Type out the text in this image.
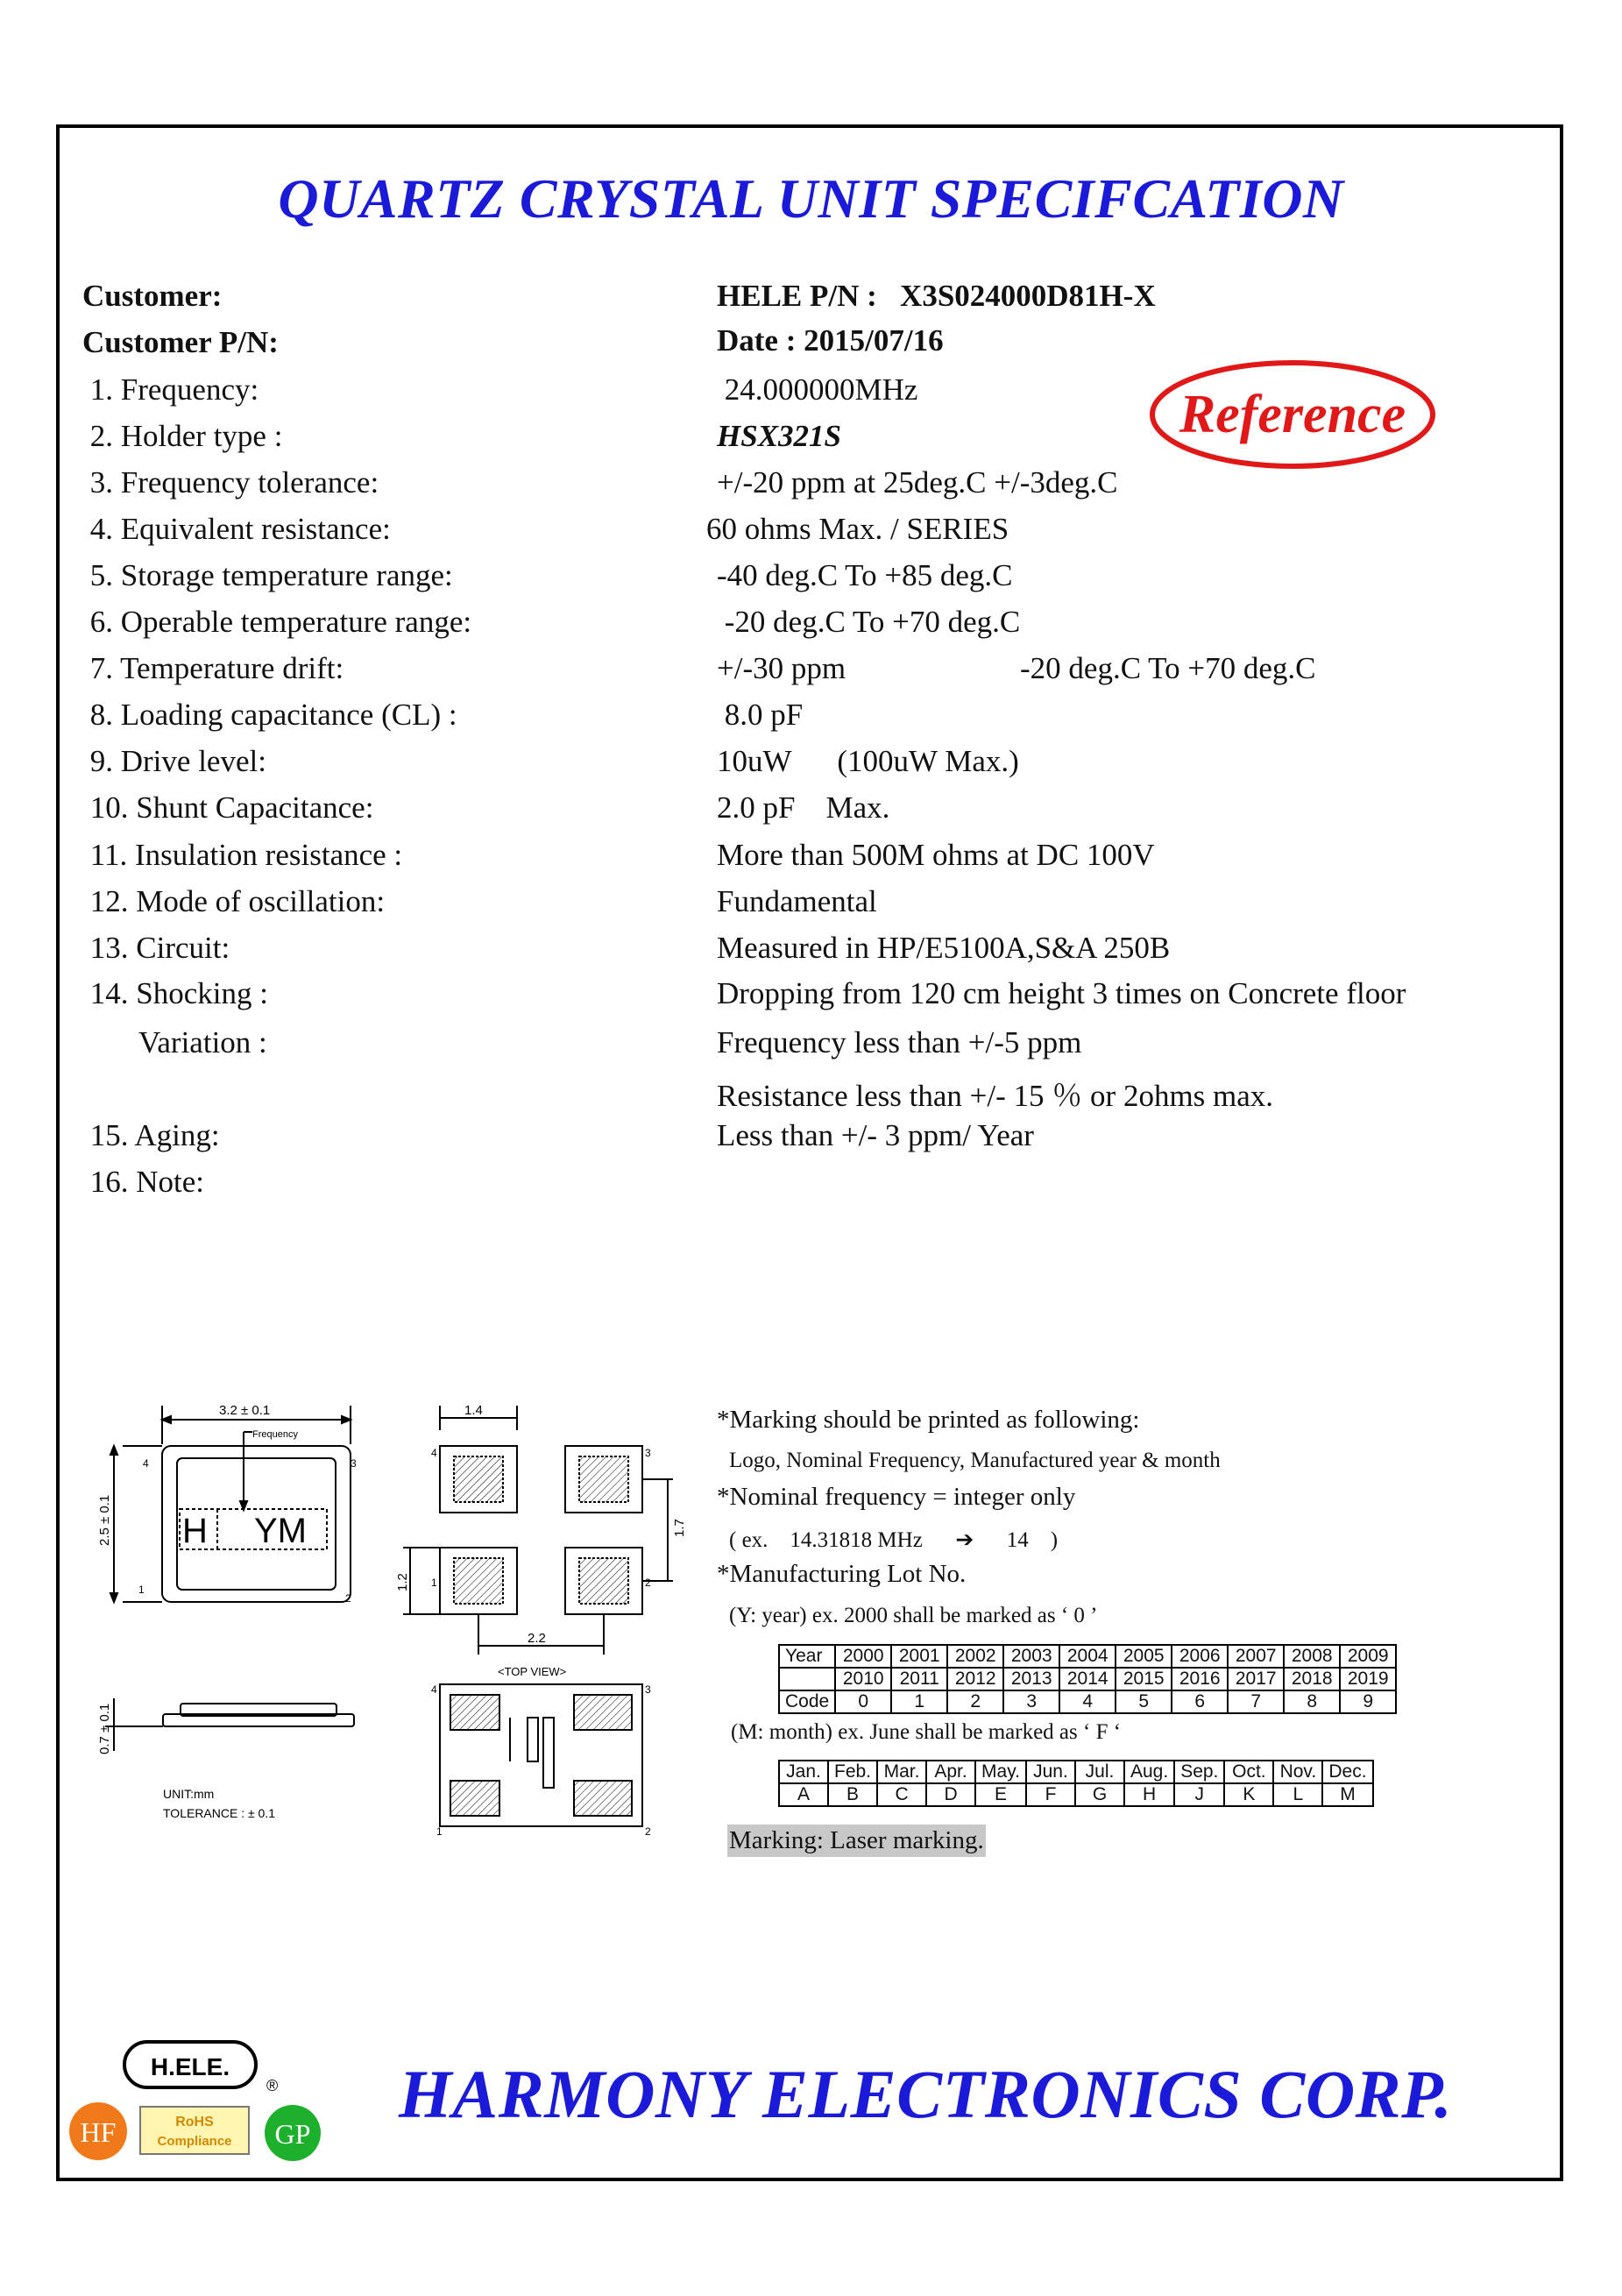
QUARTZ CRYSTAL UNIT SPECIFCATION
Customer:
Customer P/N:
HELE P/N :   X3S024000D81H-X
Date : 2015/07/16
Reference
1. Frequency:	24.000000MHz
2. Holder type :	HSX321S
3. Frequency tolerance:	+/-20 ppm at 25deg.C +/-3deg.C
4. Equivalent resistance:	60 ohms Max. / SERIES
5. Storage temperature range:	-40 deg.C To +85 deg.C
6. Operable temperature range:	-20 deg.C To +70 deg.C
7. Temperature drift:	+/-30 ppm	-20 deg.C To +70 deg.C
8. Loading capacitance (CL) :	8.0 pF
9. Drive level:	10uW      (100uW Max.)
10. Shunt Capacitance:	2.0 pF    Max.
11. Insulation resistance :	More than 500M ohms at DC 100V
12. Mode of oscillation:	Fundamental
13. Circuit:	Measured in HP/E5100A,S&A 250B
14. Shocking :	Dropping from 120 cm height 3 times on Concrete floor
Variation :	Frequency less than +/-5 ppm
Resistance less than +/- 15 ％ or 2ohms max.
15. Aging:	Less than +/- 3 ppm/ Year
16. Note:
3.2 ± 0.1
Frequency
2.5 ± 0.1 H YM
4	3
1
2
0.7 ± 0.1
UNIT:mm
TOLERANCE : ± 0.1
1.4
1.7
1.2
2.2
<TOP VIEW>
4	3
1	2
4	3
1	2
*Marking should be printed as following:
Logo, Nominal Frequency, Manufactured year & month
*Nominal frequency = integer only
( ex.    14.31818 MHz ➔ 14    )
*Manufacturing Lot No.
(Y: year) ex. 2000 shall be marked as ‘ 0 ’
Year	2000	2001	2002	2003	2004	2005	2006	2007	2008	2009
	2010	2011	2012	2013	2014	2015	2016	2017	2018	2019
Code	0	1	2	3	4	5	6	7	8	9
(M: month) ex. June shall be marked as ‘ F ‘
Jan.	Feb.	Mar.	Apr.	May.	Jun.	Jul.	Aug.	Sep.	Oct.	Nov.	Dec.
A	B	C	D	E	F	G	H	J	K	L	M
Marking: Laser marking.
H.ELE.
®
HF	RoHS
Compliance GP
HARMONY ELECTRONICS CORP.
